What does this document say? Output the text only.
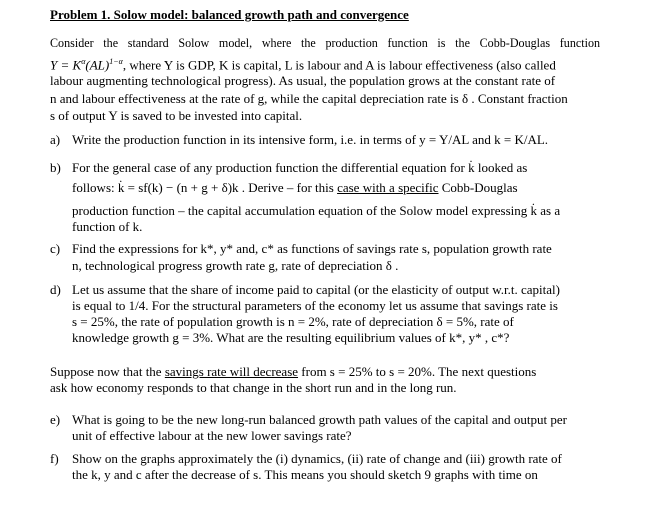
Problem 1. Solow model: balanced growth path and convergence
Consider the standard Solow model, where the production function is the Cobb-Douglas function
$Y = K^\alpha(AL)^{1-\alpha}$, where Y is GDP, K is capital, L is labour and A is labour effectiveness (also called
labour augmenting technological progress). As usual, the population grows at the constant rate of
n and labour effectiveness at the rate of g, while the capital depreciation rate is δ . Constant fraction
s of output Y is saved to be invested into capital.
a) Write the production function in its intensive form, i.e. in terms of y = Y/AL and k = K/AL.
b) For the general case of any production function the differential equation for k̇ looked as
follows: k̇ = sf(k) − (n + g + δ)k . Derive – for this case with a specific Cobb-Douglas
production function – the capital accumulation equation of the Solow model expressing k̇ as a
function of k.
c) Find the expressions for k*, y* and, c* as functions of savings rate s, population growth rate
n, technological progress growth rate g, rate of depreciation δ .
d) Let us assume that the share of income paid to capital (or the elasticity of output w.r.t. capital)
is equal to 1/4. For the structural parameters of the economy let us assume that savings rate is
s = 25%, the rate of population growth is n = 2%, rate of depreciation δ = 5%, rate of
knowledge growth g = 3%. What are the resulting equilibrium values of k*, y* , c*?
Suppose now that the savings rate will decrease from s = 25% to s = 20%. The next questions
ask how economy responds to that change in the short run and in the long run.
e) What is going to be the new long-run balanced growth path values of the capital and output per
unit of effective labour at the new lower savings rate?
f) Show on the graphs approximately the (i) dynamics, (ii) rate of change and (iii) growth rate of
the k, y and c after the decrease of s. This means you should sketch 9 graphs with time on
